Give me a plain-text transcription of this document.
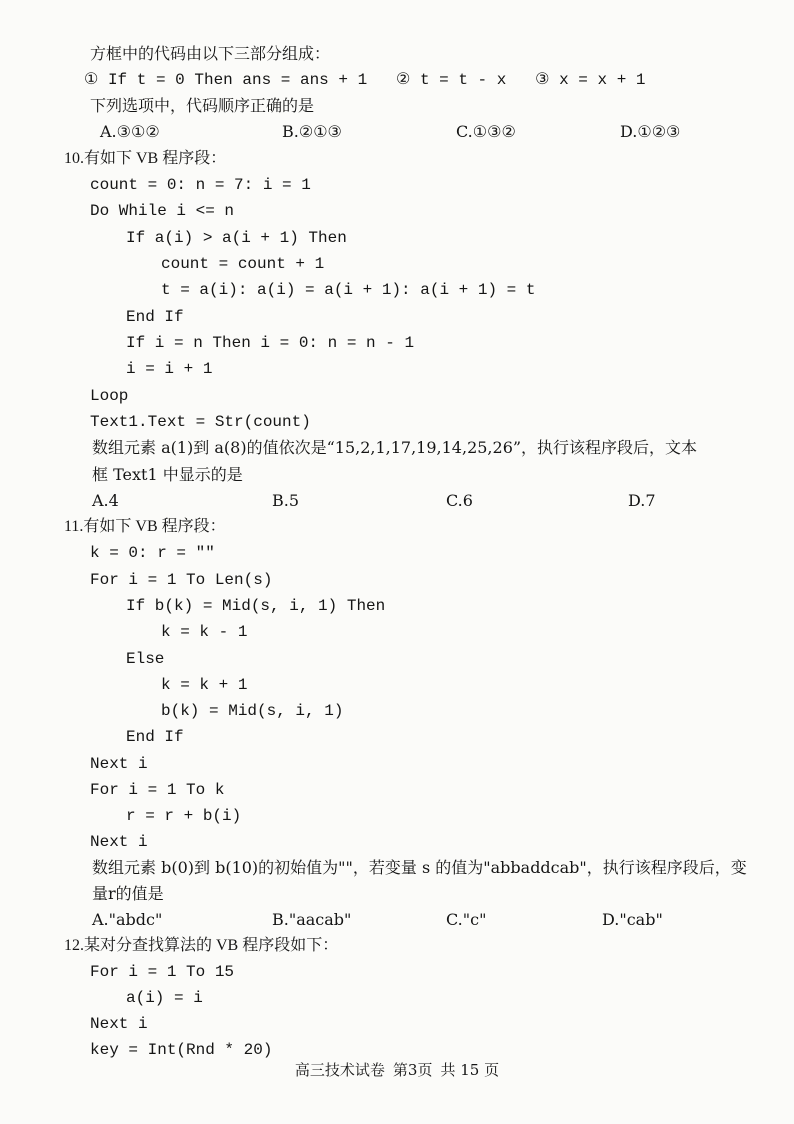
方框中的代码由以下三部分组成：
① If t = 0 Then ans = ans + 1   ② t = t - x   ③ x = x + 1
下列选项中，代码顺序正确的是
A.③①②	B.②①③	C.①③②	D.①②③
10.有如下 VB 程序段：
count = 0: n = 7: i = 1
Do While i <= n
If a(i) > a(i + 1) Then
count = count + 1
t = a(i): a(i) = a(i + 1): a(i + 1) = t
End If
If i = n Then i = 0: n = n - 1
i = i + 1
Loop
Text1.Text = Str(count)
数组元素 a(1)到 a(8)的值依次是“15,2,1,17,19,14,25,26”，执行该程序段后，文本
框 Text1 中显示的是
A.4	B.5	C.6	D.7
11.有如下 VB 程序段：
k = 0: r = ""
For i = 1 To Len(s)
If b(k) = Mid(s, i, 1) Then
k = k - 1
Else
k = k + 1
b(k) = Mid(s, i, 1)
End If
Next i
For i = 1 To k
r = r + b(i)
Next i
数组元素 b(0)到 b(10)的初始值为""，若变量 s 的值为"abbaddcab"，执行该程序段后，变
量r的值是
A."abdc"	B."aacab"	C."c"	D."cab"
12.某对分查找算法的 VB 程序段如下：
For i = 1 To 15
a(i) = i
Next i
key = Int(Rnd * 20)
高三技术试卷 第3页 共 15 页
